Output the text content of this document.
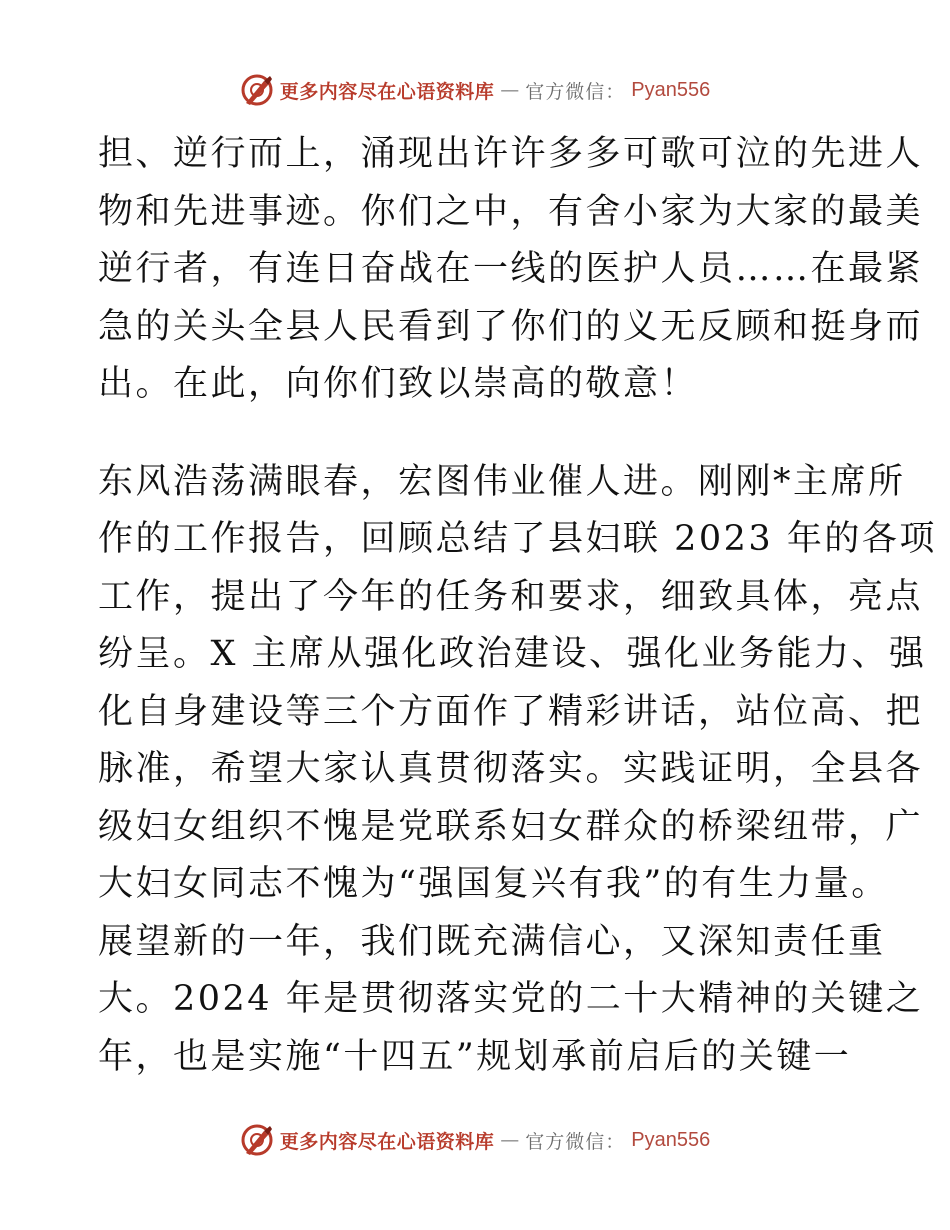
更多内容尽在心语资料库 — 官方微信： Pyan556
担、逆行而上，涌现出许许多多可歌可泣的先进人
物和先进事迹。你们之中，有舍小家为大家的最美
逆行者，有连日奋战在一线的医护人员……在最紧
急的关头全县人民看到了你们的义无反顾和挺身而
出。在此，向你们致以崇高的敬意！
东风浩荡满眼春，宏图伟业催人进。刚刚*主席所
作的工作报告，回顾总结了县妇联 2023 年的各项
工作，提出了今年的任务和要求，细致具体，亮点
纷呈。X 主席从强化政治建设、强化业务能力、强
化自身建设等三个方面作了精彩讲话，站位高、把
脉准，希望大家认真贯彻落实。实践证明，全县各
级妇女组织不愧是党联系妇女群众的桥梁纽带，广
大妇女同志不愧为“强国复兴有我”的有生力量。
展望新的一年，我们既充满信心，又深知责任重
大。2024 年是贯彻落实党的二十大精神的关键之
年，也是实施“十四五”规划承前启后的关键一
更多内容尽在心语资料库 — 官方微信： Pyan556
